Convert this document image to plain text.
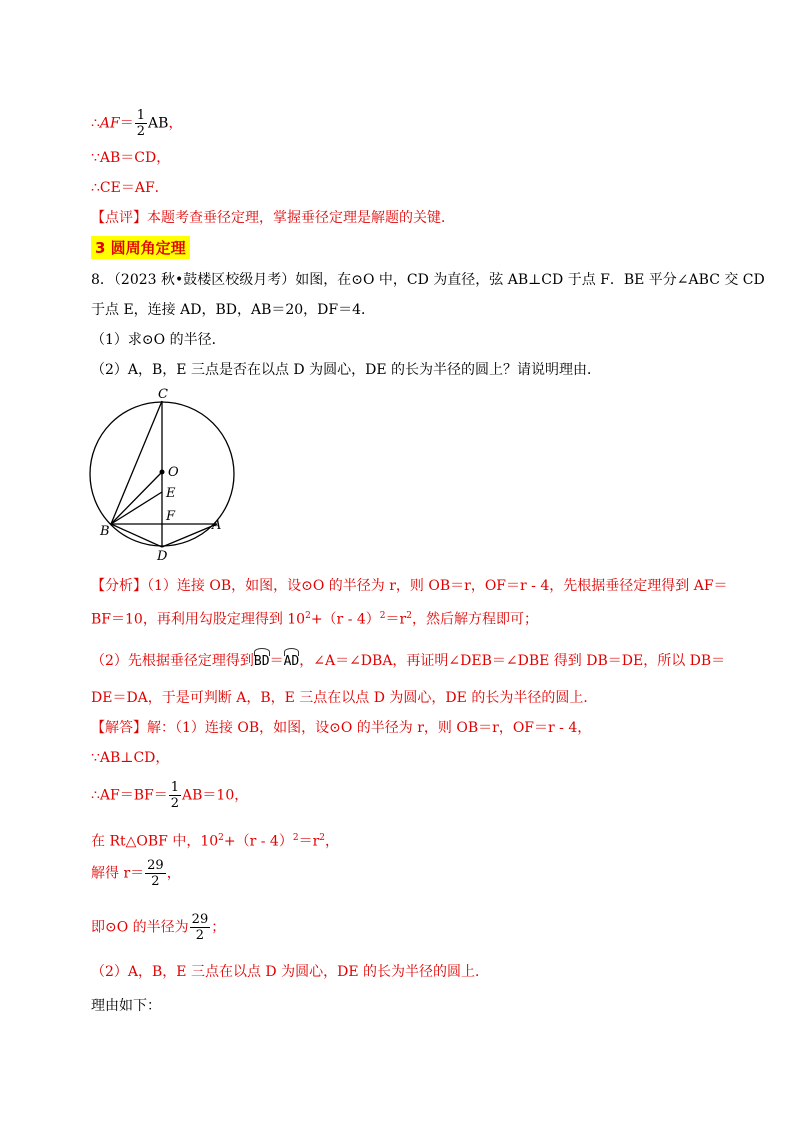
∴AF＝ $\frac{1}{2}$ AB，
∵AB＝CD，
∴CE＝AF．
【点评】本题考查垂径定理，掌握垂径定理是解题的关键．
3 圆周角定理
8．（2023 秋•鼓楼区校级月考）如图，在⊙O 中，CD 为直径，弦 AB⊥CD 于点 F．BE 平分∠ABC 交 CD
于点 E，连接 AD，BD，AB＝20，DF＝4．
（1）求⊙O 的半径．
（2）A，B，E 三点是否在以点 D 为圆心，DE 的长为半径的圆上？请说明理由．
C
O
E
F
B	A
D
【分析】（1）连接 OB，如图，设⊙O 的半径为 r，则 OB＝r，OF＝r - 4，先根据垂径定理得到 AF＝
BF＝10，再利用勾股定理得到 $10^2+(r - 4)^2=r^2$，然后解方程即可；
（2）先根据垂径定理得到BD＝AD，∠A＝∠DBA，再证明∠DEB＝∠DBE 得到 DB＝DE，所以 DB＝
DE＝DA，于是可判断 A，B，E 三点在以点 D 为圆心，DE 的长为半径的圆上．
【解答】解：（1）连接 OB，如图，设⊙O 的半径为 r，则 OB＝r，OF＝r - 4，
∵AB⊥CD，
∴AF＝BF＝ $\frac{1}{2} AB=10$，
在 Rt△OBF 中，$10^2+(r - 4)^2=r^2$，
解得 $r= \frac{29}{2}$ ，
即⊙O 的半径为 $\frac{29}{2}$ ；
（2）A，B，E 三点在以点 D 为圆心，DE 的长为半径的圆上．
理由如下：
